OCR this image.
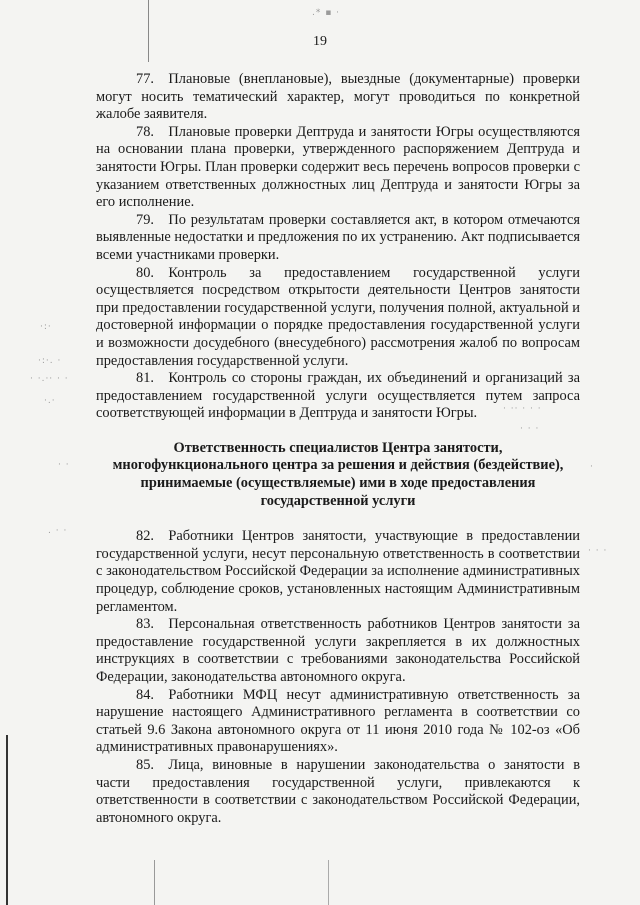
.* ▪ ·
·:·
·:·. ·
· ·.·· · ·
·.·
· ·· · · ·
· · ·
· ·	·
. · ·
· · ·
19

77. Плановые (внеплановые), выездные (документарные) проверки могут носить тематический характер, могут проводиться по конкретной жалобе заявителя.

78. Плановые проверки Дептруда и занятости Югры осуществляются на основании плана проверки, утвержденного распоряжением Дептруда и занятости Югры. План проверки содержит весь перечень вопросов проверки с указанием ответственных должностных лиц Дептруда и занятости Югры за его исполнение.

79. По результатам проверки составляется акт, в котором отмечаются выявленные недостатки и предложения по их устранению. Акт подписывается всеми участниками проверки.

80. Контроль за предоставлением государственной услуги осуществляется посредством открытости деятельности Центров занятости при предоставлении государственной услуги, получения полной, актуальной и достоверной информации о порядке предоставления государственной услуги и возможности досудебного (внесудебного) рассмотрения жалоб по вопросам предоставления государственной услуги.

81. Контроль со стороны граждан, их объединений и организаций за предоставлением государственной услуги осуществляется путем запроса соответствующей информации в Дептруда и занятости Югры.

Ответственность специалистов Центра занятости, многофункционального центра за решения и действия (бездействие), принимаемые (осуществляемые) ими в ходе предоставления государственной услуги

82. Работники Центров занятости, участвующие в предоставлении государственной услуги, несут персональную ответственность в соответствии с законодательством Российской Федерации за исполнение административных процедур, соблюдение сроков, установленных настоящим Административным регламентом.

83. Персональная ответственность работников Центров занятости за предоставление государственной услуги закрепляется в их должностных инструкциях в соответствии с требованиями законодательства Российской Федерации, законодательства автономного округа.

84. Работники МФЦ несут административную ответственность за нарушение настоящего Административного регламента в соответствии со статьей 9.6 Закона автономного округа от 11 июня 2010 года № 102-оз «Об административных правонарушениях».

85. Лица, виновные в нарушении законодательства о занятости в части предоставления государственной услуги, привлекаются к ответственности в соответствии с законодательством Российской Федерации, автономного округа.
